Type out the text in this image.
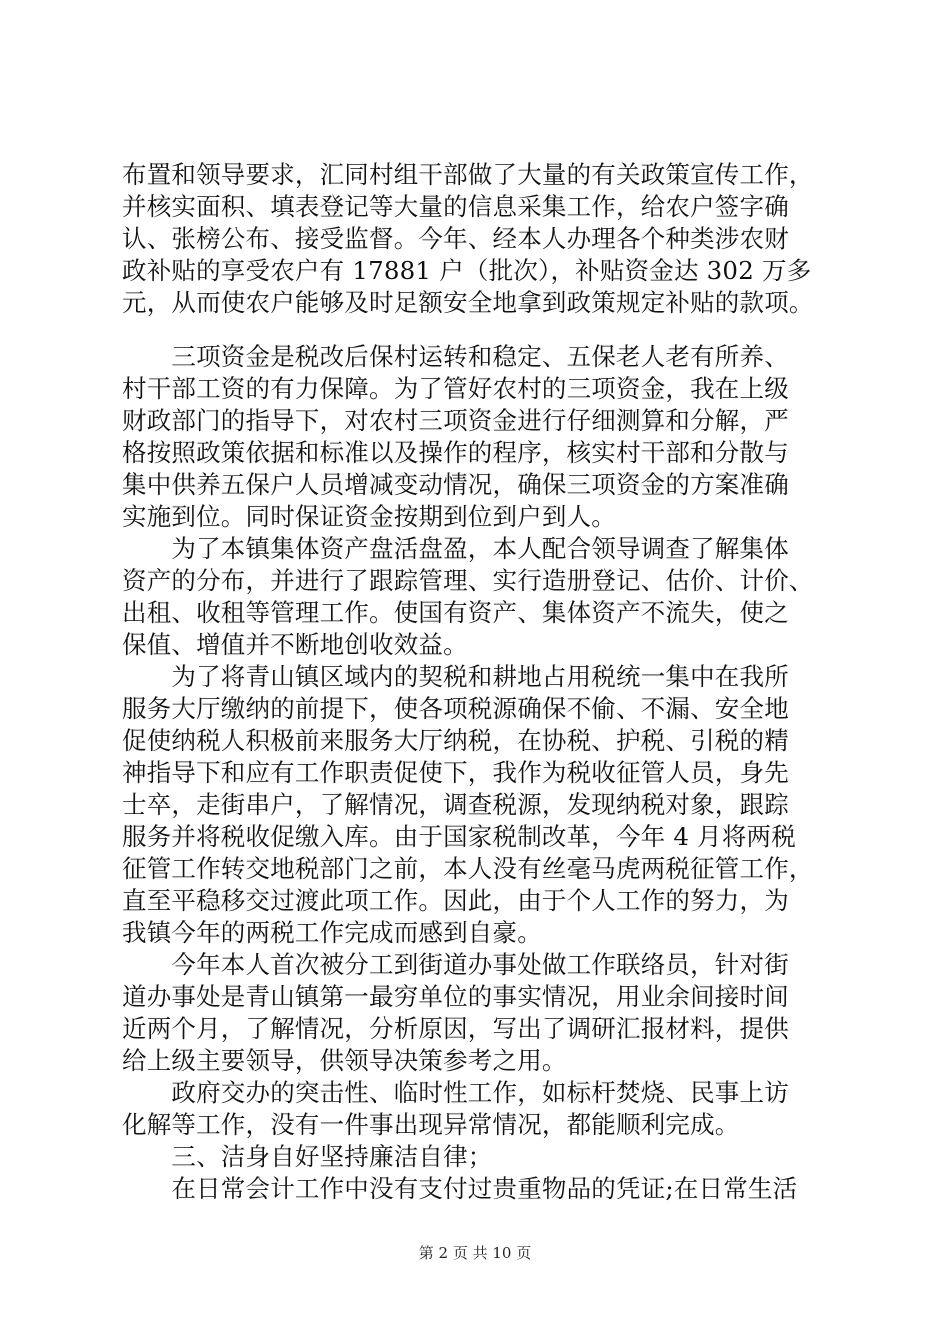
布置和领导要求，汇同村组干部做了大量的有关政策宣传工作，
并核实面积、填表登记等大量的信息采集工作，给农户签字确
认、张榜公布、接受监督。今年、经本人办理各个种类涉农财
政补贴的享受农户有 17881 户（批次），补贴资金达 302 万多
元，从而使农户能够及时足额安全地拿到政策规定补贴的款项。
　　三项资金是税改后保村运转和稳定、五保老人老有所养、
村干部工资的有力保障。为了管好农村的三项资金，我在上级
财政部门的指导下，对农村三项资金进行仔细测算和分解，严
格按照政策依据和标准以及操作的程序，核实村干部和分散与
集中供养五保户人员增减变动情况，确保三项资金的方案准确
实施到位。同时保证资金按期到位到户到人。
　　为了本镇集体资产盘活盘盈，本人配合领导调查了解集体
资产的分布，并进行了跟踪管理、实行造册登记、估价、计价、
出租、收租等管理工作。使国有资产、集体资产不流失，使之
保值、增值并不断地创收效益。
　　为了将青山镇区域内的契税和耕地占用税统一集中在我所
服务大厅缴纳的前提下，使各项税源确保不偷、不漏、安全地
促使纳税人积极前来服务大厅纳税，在协税、护税、引税的精
神指导下和应有工作职责促使下，我作为税收征管人员，身先
士卒，走街串户，了解情况，调查税源，发现纳税对象，跟踪
服务并将税收促缴入库。由于国家税制改革，今年 4 月将两税
征管工作转交地税部门之前，本人没有丝毫马虎两税征管工作，
直至平稳移交过渡此项工作。因此，由于个人工作的努力，为
我镇今年的两税工作完成而感到自豪。
　　今年本人首次被分工到街道办事处做工作联络员，针对街
道办事处是青山镇第一最穷单位的事实情况，用业余间接时间
近两个月，了解情况，分析原因，写出了调研汇报材料，提供
给上级主要领导，供领导决策参考之用。
　　政府交办的突击性、临时性工作，如标杆焚烧、民事上访
化解等工作，没有一件事出现异常情况，都能顺利完成。
　　三、洁身自好坚持廉洁自律；
　　在日常会计工作中没有支付过贵重物品的凭证;在日常生活
第 2 页 共 10 页
